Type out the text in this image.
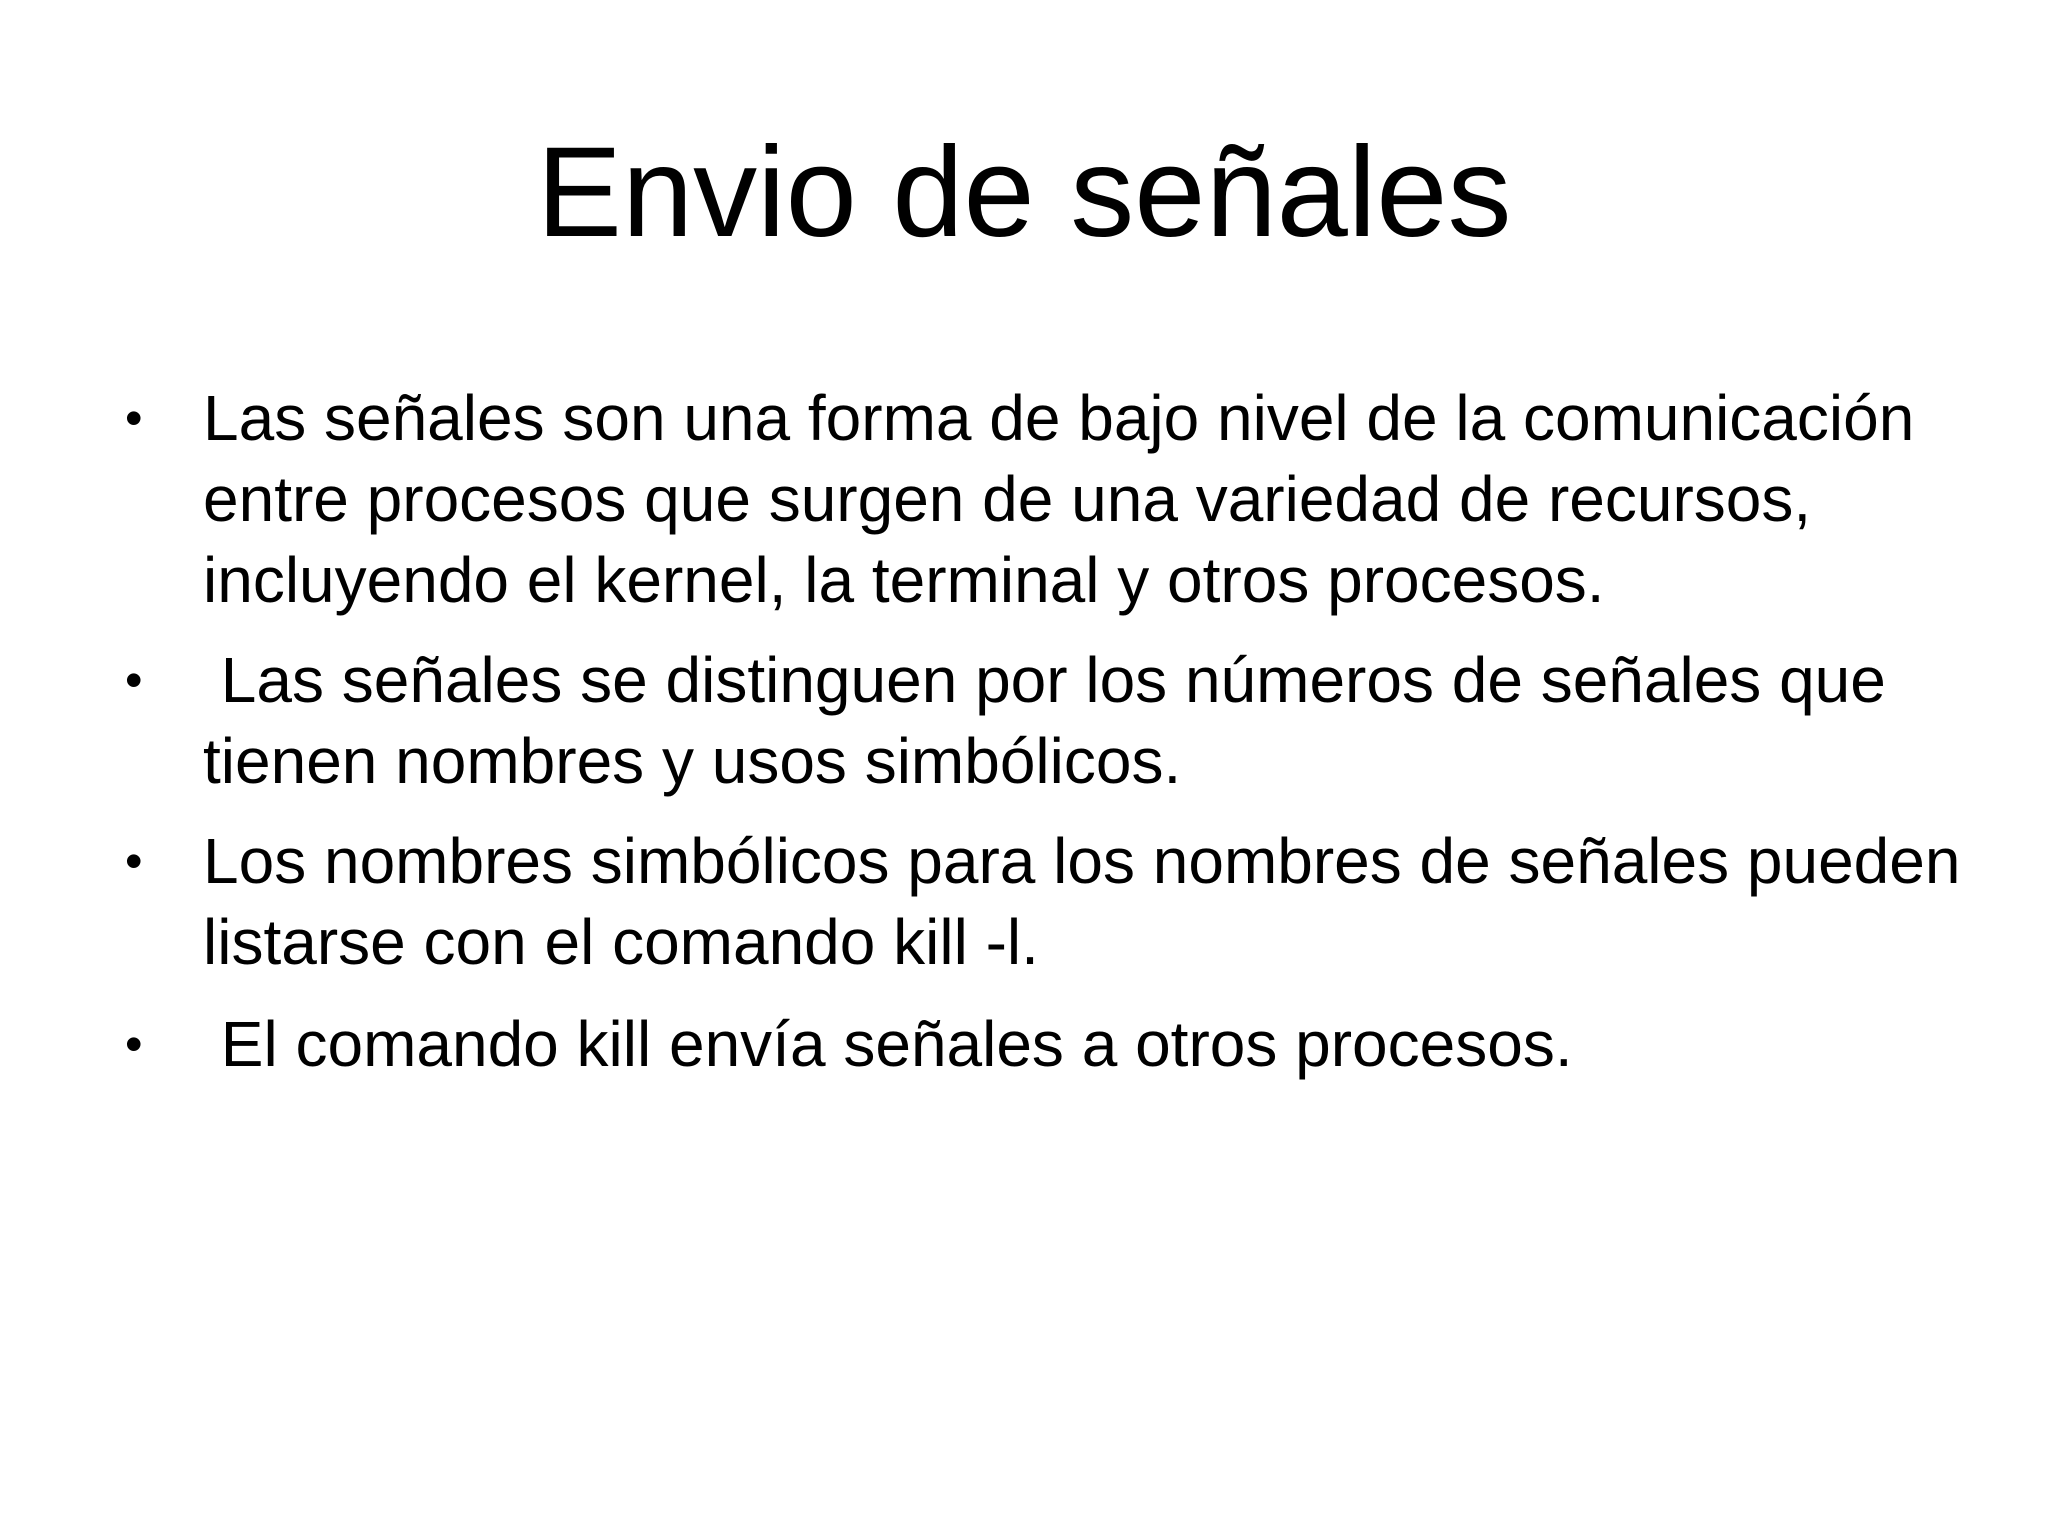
Envio de señales
• Las señales son una forma de bajo nivel de la comunicación entre procesos que surgen de una variedad de recursos, incluyendo el kernel, la terminal y otros procesos.
• Las señales se distinguen por los números de señales que tienen nombres y usos simbólicos.
• Los nombres simbólicos para los nombres de señales pueden listarse con el comando kill -l.
• El comando kill envía señales a otros procesos.
